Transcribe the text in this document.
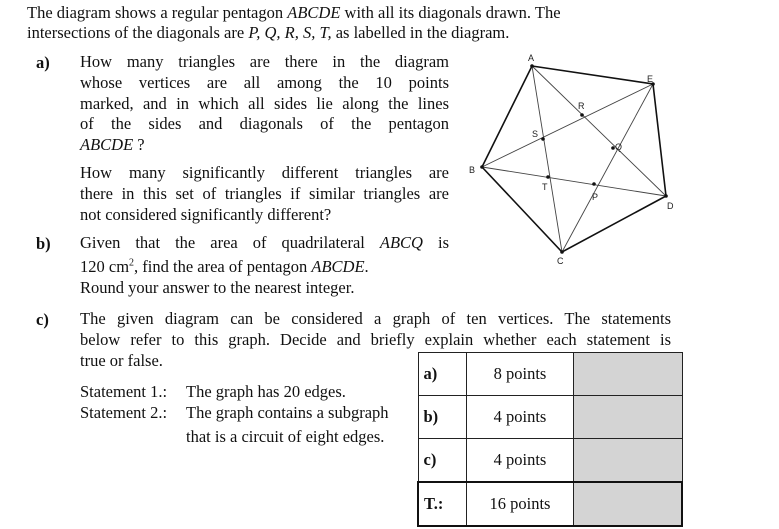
The diagram shows a regular pentagon ABCDE with all its diagonals drawn. The
intersections of the diagonals are P, Q, R, S, T, as labelled in the diagram.
a) How many triangles are there in the diagram
whose vertices are all among the 10 points
marked, and in which all sides lie along the lines
of the sides and diagonals of the pentagon
ABCDE ?
How many significantly different triangles are
there in this set of triangles if similar triangles are
not considered significantly different?
b) Given that the area of quadrilateral ABCQ is
120 $cm^2$, find the area of pentagon ABCDE.
Round your answer to the nearest integer.
c) The given diagram can be considered a graph of ten vertices. The statements
below refer to this graph. Decide and briefly explain whether each statement is
true or false.
Statement 1.: The graph has 20 edges.
Statement 2.: The graph contains a subgraph
that is a circuit of eight edges.
A
E
D
C
B
R
S
T
P
Q
a)	8 points	
b)	4 points	
c)	4 points	
T.:	16 points	
